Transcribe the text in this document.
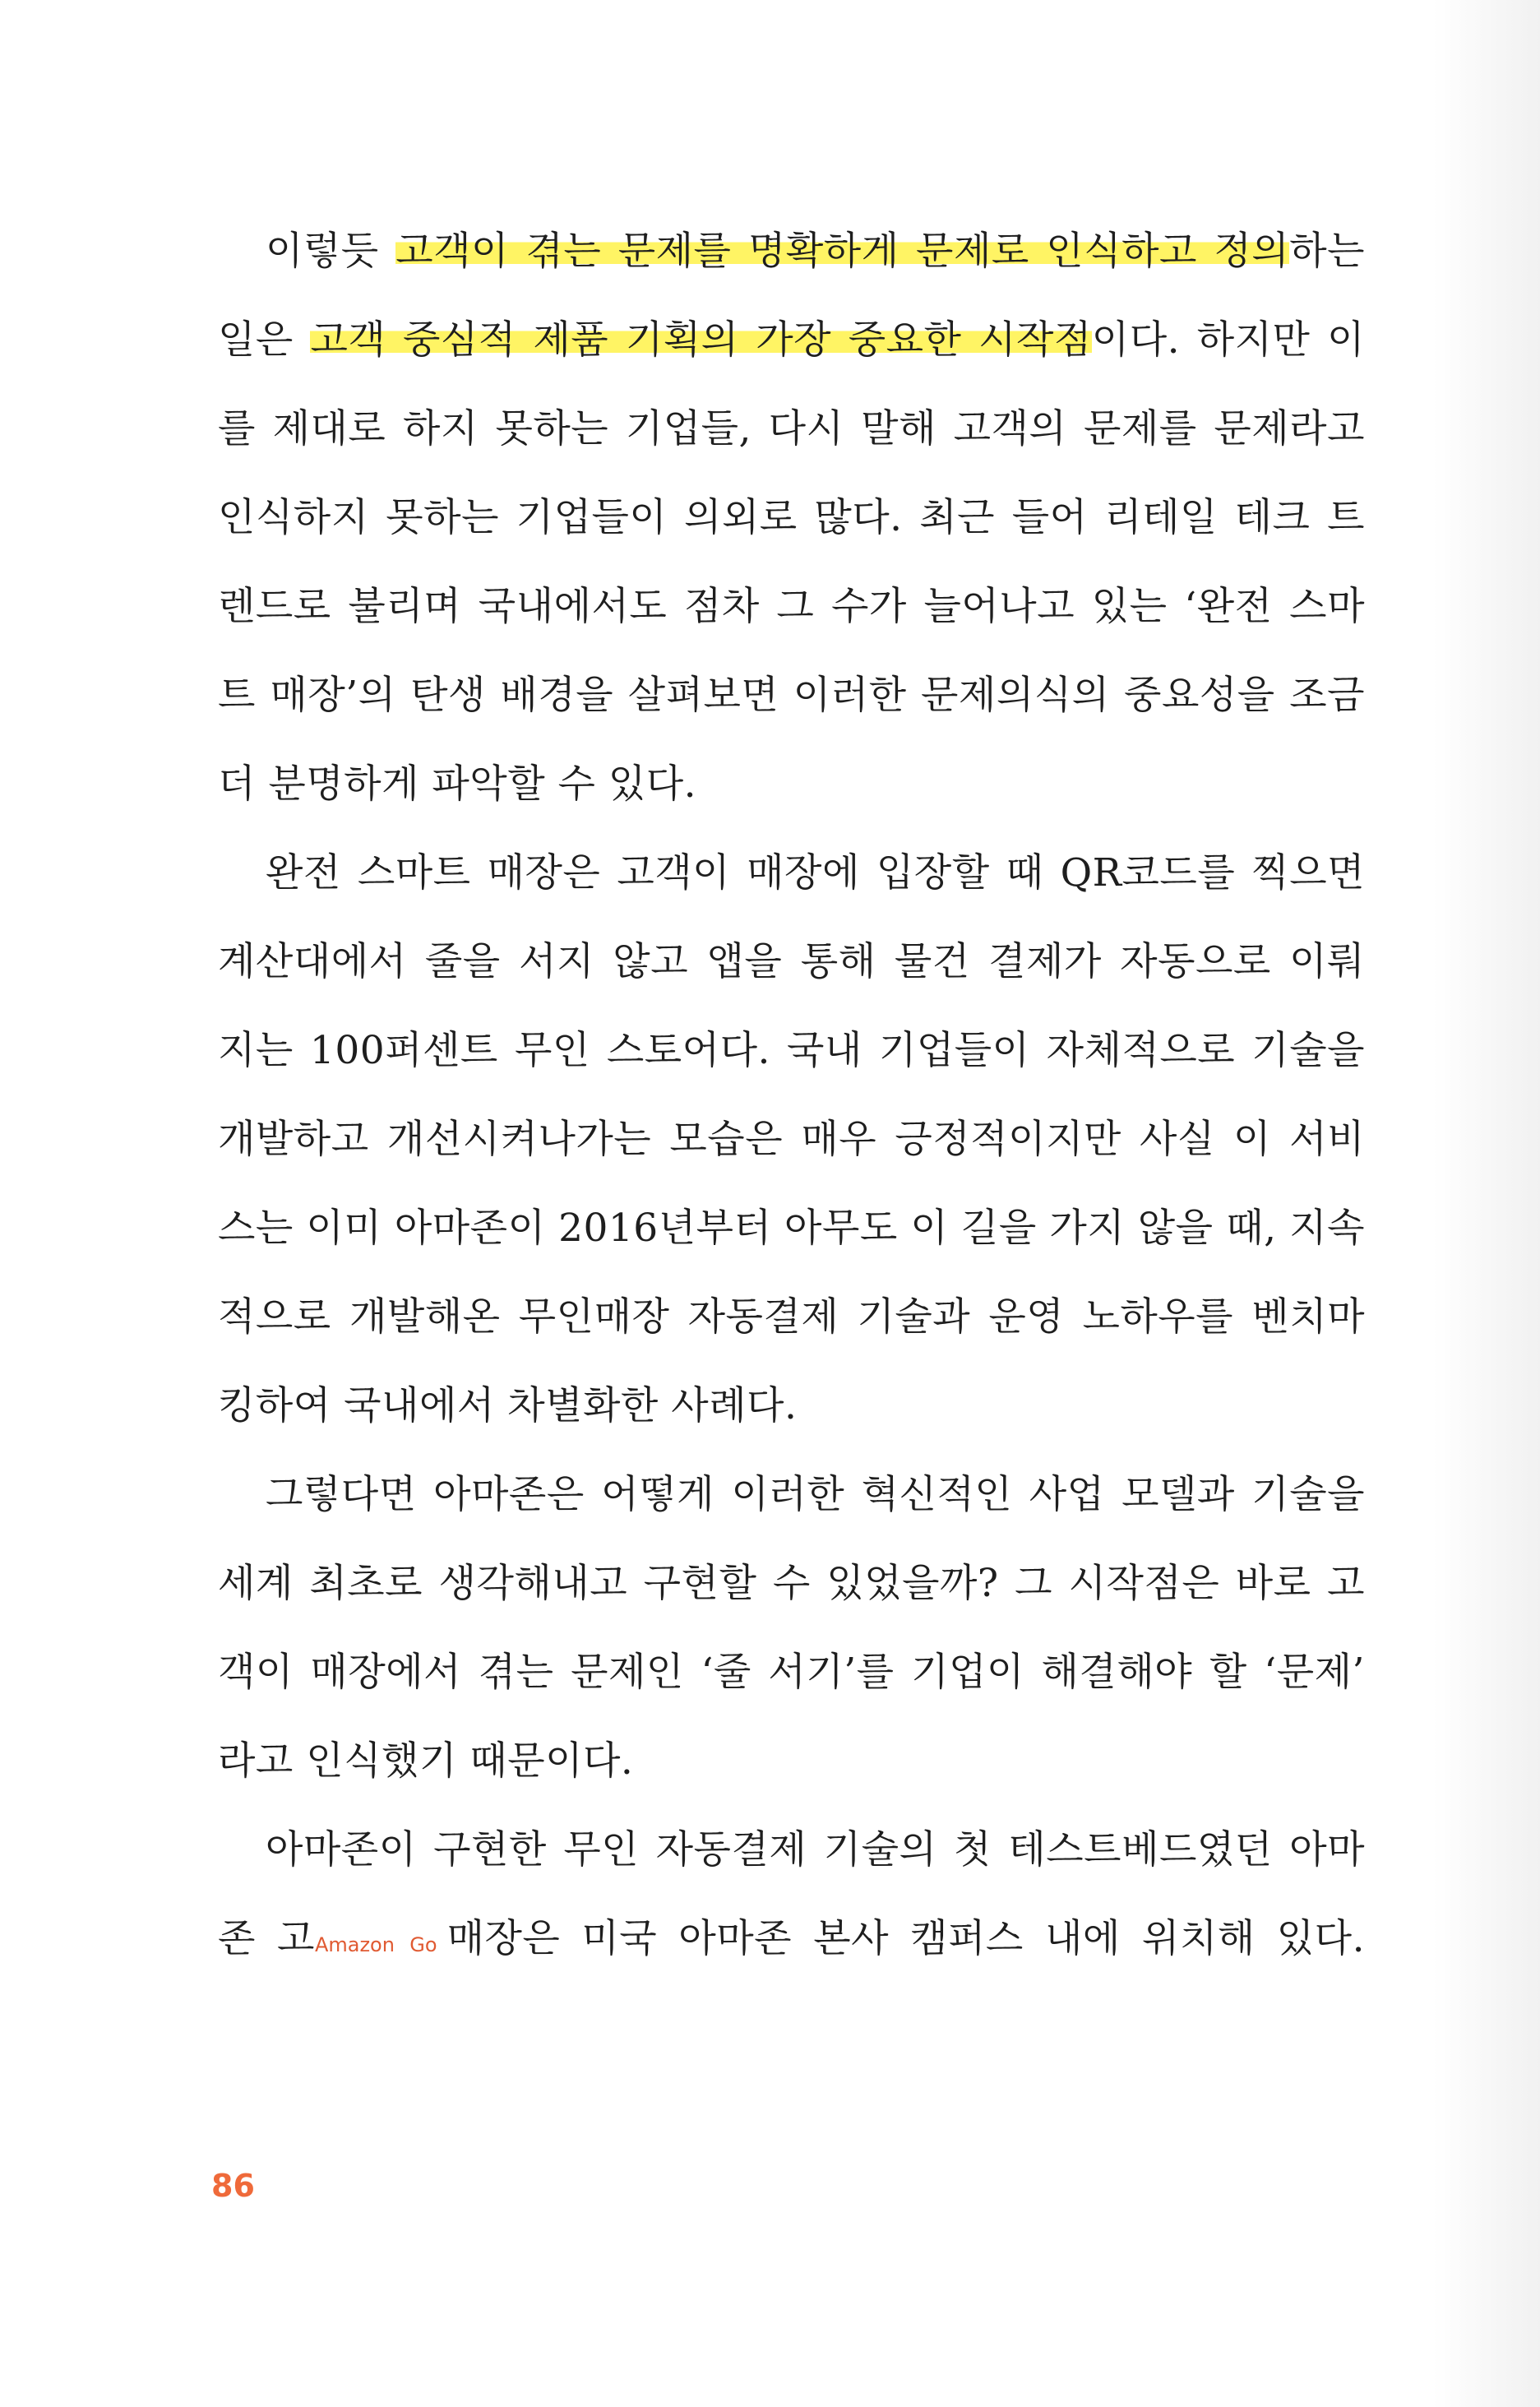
이렇듯 고객이 겪는 문제를 명확하게 문제로 인식하고 정의하는
일은 고객 중심적 제품 기획의 가장 중요한 시작점이다. 하지만 이
를 제대로 하지 못하는 기업들, 다시 말해 고객의 문제를 문제라고
인식하지 못하는 기업들이 의외로 많다. 최근 들어 리테일 테크 트
렌드로 불리며 국내에서도 점차 그 수가 늘어나고 있는 ‘완전 스마
트 매장’의 탄생 배경을 살펴보면 이러한 문제의식의 중요성을 조금
더 분명하게 파악할 수 있다.
완전 스마트 매장은 고객이 매장에 입장할 때 QR코드를 찍으면
계산대에서 줄을 서지 않고 앱을 통해 물건 결제가 자동으로 이뤄
지는 100퍼센트 무인 스토어다. 국내 기업들이 자체적으로 기술을
개발하고 개선시켜나가는 모습은 매우 긍정적이지만 사실 이 서비
스는 이미 아마존이 2016년부터 아무도 이 길을 가지 않을 때, 지속
적으로 개발해온 무인매장 자동결제 기술과 운영 노하우를 벤치마
킹하여 국내에서 차별화한 사례다.
그렇다면 아마존은 어떻게 이러한 혁신적인 사업 모델과 기술을
세계 최초로 생각해내고 구현할 수 있었을까? 그 시작점은 바로 고
객이 매장에서 겪는 문제인 ‘줄 서기’를 기업이 해결해야 할 ‘문제’
라고 인식했기 때문이다.
아마존이 구현한 무인 자동결제 기술의 첫 테스트베드였던 아마
존 고Amazon Go 매장은 미국 아마존 본사 캠퍼스 내에 위치해 있다.
86
